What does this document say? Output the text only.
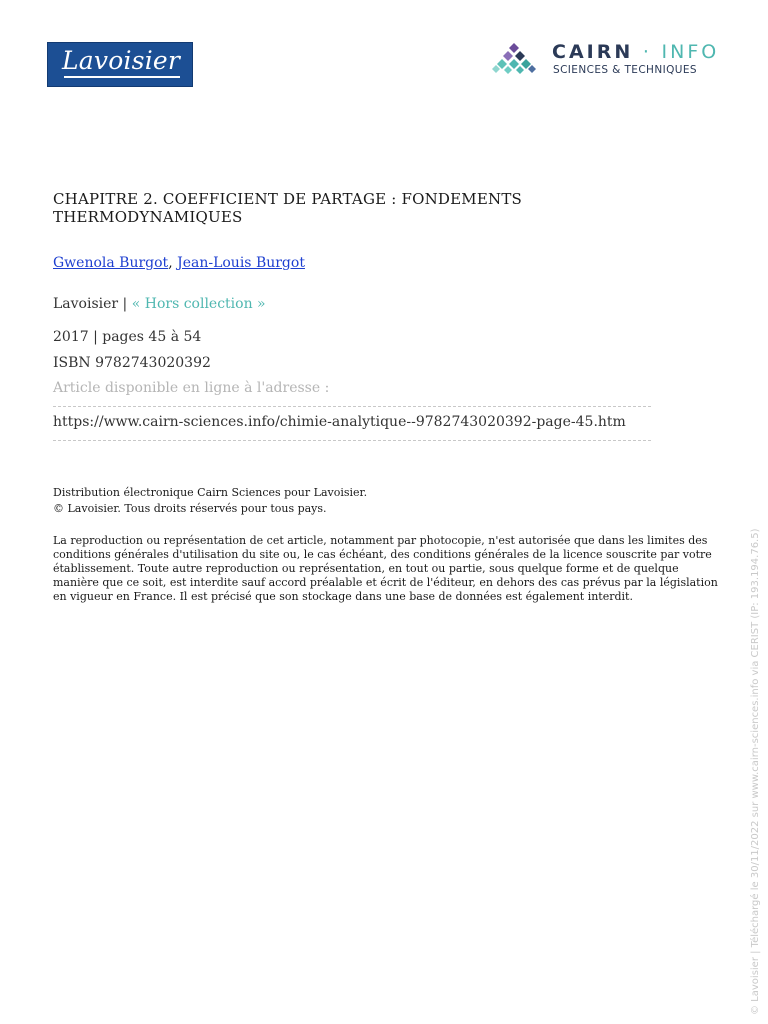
Lavoisier	CAIRN · INFO
SCIENCES & TECHNIQUES
CHAPITRE 2. COEFFICIENT DE PARTAGE : FONDEMENTS THERMODYNAMIQUES
Gwenola Burgot, Jean-Louis Burgot
Lavoisier | « Hors collection »
2017 | pages 45 à 54
ISBN 9782743020392
Article disponible en ligne à l'adresse :
https://www.cairn-sciences.info/chimie-analytique--9782743020392-page-45.htm
Distribution électronique Cairn Sciences pour Lavoisier.
© Lavoisier. Tous droits réservés pour tous pays.
La reproduction ou représentation de cet article, notamment par photocopie, n'est autorisée que dans les limites des conditions générales d'utilisation du site ou, le cas échéant, des conditions générales de la licence souscrite par votre établissement. Toute autre reproduction ou représentation, en tout ou partie, sous quelque forme et de quelque manière que ce soit, est interdite sauf accord préalable et écrit de l'éditeur, en dehors des cas prévus par la législation en vigueur en France. Il est précisé que son stockage dans une base de données est également interdit.	© Lavoisier | Téléchargé le 30/11/2022 sur www.cairn-sciences.info via CERIST (IP: 193.194.76.5)
